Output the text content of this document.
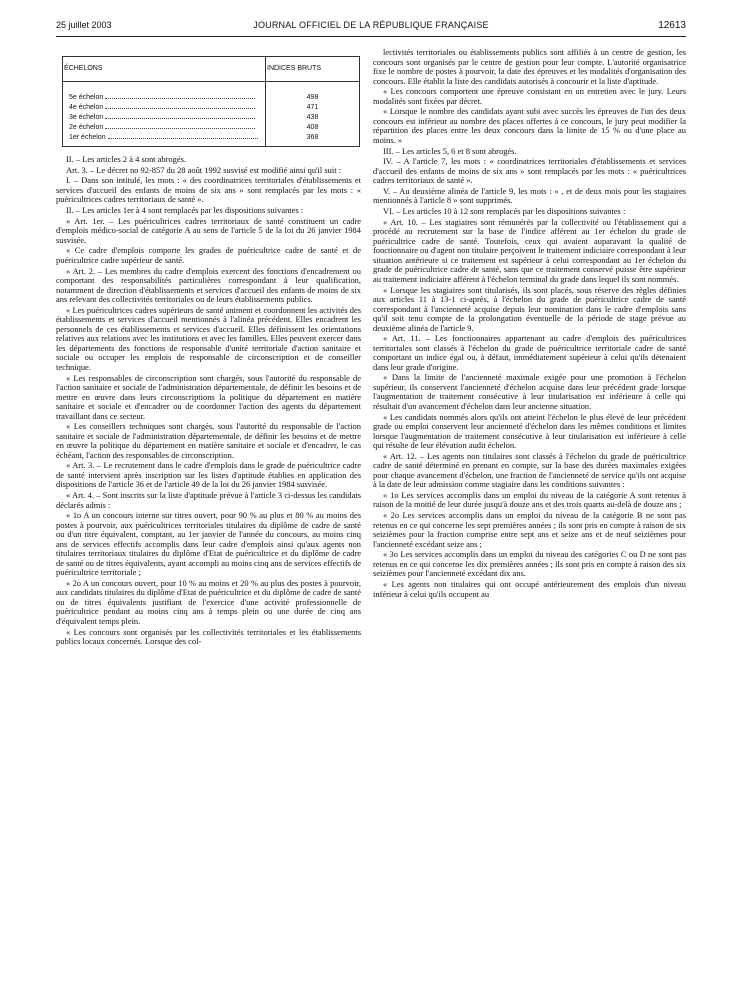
25 juillet 2003	JOURNAL OFFICIEL DE LA RÉPUBLIQUE FRANÇAISE	12613
ÉCHELONS	INDICES BRUTS
5e échelon	498
4e échelon	471
3e échelon	438
2e échelon	408
1er échelon	368

II. – Les articles 2 à 4 sont abrogés.

Art. 3. – Le décret no 92-857 du 28 août 1992 susvisé est modifié ainsi qu'il suit :

I. – Dans son intitulé, les mots : « des coordinatrices territoriales d'établissements et services d'accueil des enfants de moins de six ans » sont remplacés par les mots : « puéricultrices cadres territoriaux de santé ».

II. – Les articles 1er à 4 sont remplacés par les dispositions suivantes :

« Art. 1er. – Les puéricultrices cadres territoriaux de santé constituent un cadre d'emplois médico-social de catégorie A au sens de l'article 5 de la loi du 26 janvier 1984 susvisée.

« Ce cadre d'emplois comporte les grades de puéricultrice cadre de santé et de puéricultrice cadre supérieur de santé.

« Art. 2. – Les membres du cadre d'emplois exercent des fonctions d'encadrement ou comportant des responsabilités particulières correspondant à leur qualification, notamment de direction d'établissements et services d'accueil des enfants de moins de six ans relevant des collectivités territoriales ou de leurs établissements publics.

« Les puéricultrices cadres supérieurs de santé animent et coordonnent les activités des établissements et services d'accueil mentionnés à l'alinéa précédent. Elles encadrent les personnels de ces établissements et services d'accueil. Elles définissent les orientations relatives aux relations avec les institutions et avec les familles. Elles peuvent exercer dans les départements des fonctions de responsable d'unité territoriale d'action sanitaire et sociale ou occuper les emplois de responsable de circonscription et de conseiller technique.

« Les responsables de circonscription sont chargés, sous l'autorité du responsable de l'action sanitaire et sociale de l'administration départementale, de définir les besoins et de mettre en œuvre dans leurs circonscriptions la politique du département en matière sanitaire et sociale et d'encadrer ou de coordonner l'action des agents du département travaillant dans ce secteur.

« Les conseillers techniques sont chargés, sous l'autorité du responsable de l'action sanitaire et sociale de l'administration départementale, de définir les besoins et de mettre en œuvre la politique du département en matière sanitaire et sociale et d'encadrer, le cas échéant, l'action des responsables de circonscription.

« Art. 3. – Le recrutement dans le cadre d'emplois dans le grade de puéricultrice cadre de santé intervient après inscription sur les listes d'aptitude établies en application des dispositions de l'article 36 et de l'article 49 de la loi du 26 janvier 1984 susvisée.

« Art. 4. – Sont inscrits sur la liste d'aptitude prévue à l'article 3 ci-dessus les candidats déclarés admis :

« 1o A un concours interne sur titres ouvert, pour 90 % au plus et 80 % au moins des postes à pourvoir, aux puéricultrices territoriales titulaires du diplôme de cadre de santé ou d'un titre équivalent, comptant, au 1er janvier de l'année du concours, au moins cinq ans de services effectifs accomplis dans leur cadre d'emplois ainsi qu'aux agents non titulaires territoriaux titulaires du diplôme d'Etat de puéricultrice et du diplôme de cadre de santé ou de titres équivalents, ayant accompli au moins cinq ans de services effectifs de puéricultrice territoriale ;

« 2o A un concours ouvert, pour 10 % au moins et 20 % au plus des postes à pourvoir, aux candidats titulaires du diplôme d'Etat de puéricultrice et du diplôme de cadre de santé ou de titres équivalents justifiant de l'exercice d'une activité professionnelle de puéricultrice pendant au moins cinq ans à temps plein ou une durée de cinq ans d'équivalent temps plein.

« Les concours sont organisés par les collectivités territoriales et les établissements publics locaux concernés. Lorsque des col-

lectivités territoriales ou établissements publics sont affiliés à un centre de gestion, les concours sont organisés par le centre de gestion pour leur compte. L'autorité organisatrice fixe le nombre de postes à pourvoir, la date des épreuves et les modalités d'organisation des concours. Elle établit la liste des candidats autorisés à concourir et la liste d'aptitude.

« Les concours comportent une épreuve consistant en un entretien avec le jury. Leurs modalités sont fixées par décret.

« Lorsque le nombre des candidats ayant subi avec succès les épreuves de l'un des deux concours est inférieur au nombre des places offertes à ce concours, le jury peut modifier la répartition des places entre les deux concours dans la limite de 15 % ou d'une place au moins. »

III. – Les articles 5, 6 et 8 sont abrogés.

IV. – A l'article 7, les mots : « coordinatrices territoriales d'établissements et services d'accueil des enfants de moins de six ans » sont remplacés par les mots : « puéricultrices cadres territoriaux de santé ».

V. – Au deuxième alinéa de l'article 9, les mots : « , et de deux mois pour les stagiaires mentionnés à l'article 8 » sont supprimés.

VI. – Les articles 10 à 12 sont remplacés par les dispositions suivantes :

« Art. 10. – Les stagiaires sont rémunérés par la collectivité ou l'établissement qui a procédé au recrutement sur la base de l'indice afférent au 1er échelon du grade de puéricultrice cadre de santé. Toutefois, ceux qui avaient auparavant la qualité de fonctionnaire ou d'agent non titulaire perçoivent le traitement indiciaire correspondant à leur situation antérieure si ce traitement est supérieur à celui correspondant au 1er échelon du grade de puéricultrice cadre de santé, sans que ce traitement conservé puisse être supérieur au traitement indiciaire afférent à l'échelon terminal du grade dans lequel ils sont nommés.

« Lorsque les stagiaires sont titularisés, ils sont placés, sous réserve des règles définies aux articles 11 à 13-1 ci-après, à l'échelon du grade de puéricultrice cadre de santé correspondant à l'ancienneté acquise depuis leur nomination dans le cadre d'emplois sans qu'il soit tenu compte de la prolongation éventuelle de la période de stage prévue au deuxième alinéa de l'article 9.

« Art. 11. – Les fonctionnaires appartenant au cadre d'emplois des puéricultrices territoriales sont classés à l'échelon du grade de puéricultrice territoriale cadre de santé comportant un indice égal ou, à défaut, immédiatement supérieur à celui qu'ils détenaient dans leur grade d'origine.

« Dans la limite de l'ancienneté maximale exigée pour une promotion à l'échelon supérieur, ils conservent l'ancienneté d'échelon acquise dans leur précédent grade lorsque l'augmentation de traitement consécutive à leur titularisation est inférieure à celle qui résultait d'un avancement d'échelon dans leur ancienne situation.

« Les candidats nommés alors qu'ils ont atteint l'échelon le plus élevé de leur précédent grade ou emploi conservent leur ancienneté d'échelon dans les mêmes conditions et limites lorsque l'augmentation de traitement consécutive à leur titularisation est inférieure à celle qui résulte de leur élévation audit échelon.

« Art. 12. – Les agents non titulaires sont classés à l'échelon du grade de puéricultrice cadre de santé déterminé en prenant en compte, sur la base des durées maximales exigées pour chaque avancement d'échelon, une fraction de l'ancienneté de service qu'ils ont acquise à la date de leur admission comme stagiaire dans les conditions suivantes :

« 1o Les services accomplis dans un emploi du niveau de la catégorie A sont retenus à raison de la moitié de leur durée jusqu'à douze ans et des trois quarts au-delà de douze ans ;

« 2o Les services accomplis dans un emploi du niveau de la catégorie B ne sont pas retenus en ce qui concerne les sept premières années ; ils sont pris en compte à raison de six seizièmes pour la fraction comprise entre sept ans et seize ans et de neuf seizièmes pour l'ancienneté excédant seize ans ;

« 3o Les services accomplis dans un emploi du niveau des catégories C ou D ne sont pas retenus en ce qui concerne les dix premières années ; ils sont pris en compte à raison des six seizièmes pour l'ancienneté excédant dix ans.

« Les agents non titulaires qui ont occupé antérieurement des emplois d'un niveau inférieur à celui qu'ils occupent au
